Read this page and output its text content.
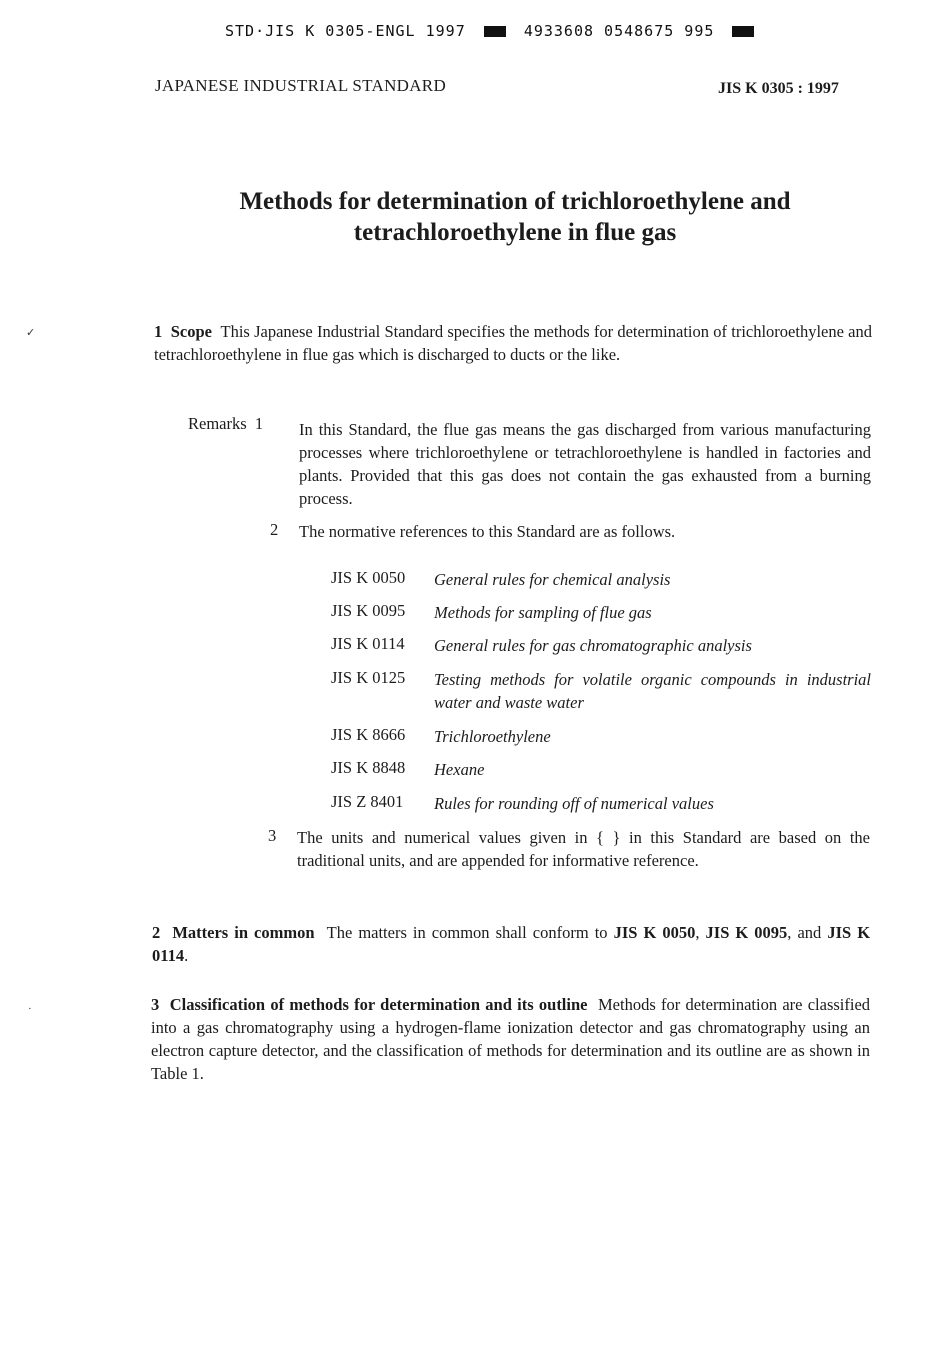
STD·JIS K 0305-ENGL 1997	4933608 0548675 995
✓
·
JAPANESE INDUSTRIAL STANDARD	JIS K 0305 : 1997
Methods for determination of trichloroethylene and
tetrachloroethylene in flue gas

1 Scope This Japanese Industrial Standard specifies the methods for determination of trichloroethylene and tetrachloroethylene in flue gas which is discharged to ducts or the like.

Remarks 1 In this Standard, the flue gas means the gas discharged from various manufacturing processes where trichloroethylene or tetrachloroethylene is handled in factories and plants. Provided that this gas does not contain the gas exhausted from a burning process.

2 The normative references to this Standard are as follows.

JIS K 0050 General rules for chemical analysis
JIS K 0095 Methods for sampling of flue gas
JIS K 0114 General rules for gas chromatographic analysis
JIS K 0125 Testing methods for volatile organic compounds in industrial water and waste water
JIS K 8666 Trichloroethylene
JIS K 8848 Hexane
JIS Z 8401 Rules for rounding off of numerical values
3 The units and numerical values given in { } in this Standard are based on the traditional units, and are appended for informative reference.

2 Matters in common The matters in common shall conform to JIS K 0050, JIS K 0095, and JIS K 0114.

3 Classification of methods for determination and its outline Methods for determination are classified into a gas chromatography using a hydrogen-flame ionization detector and gas chromatography using an electron capture detector, and the classification of methods for determination and its outline are as shown in Table 1.
